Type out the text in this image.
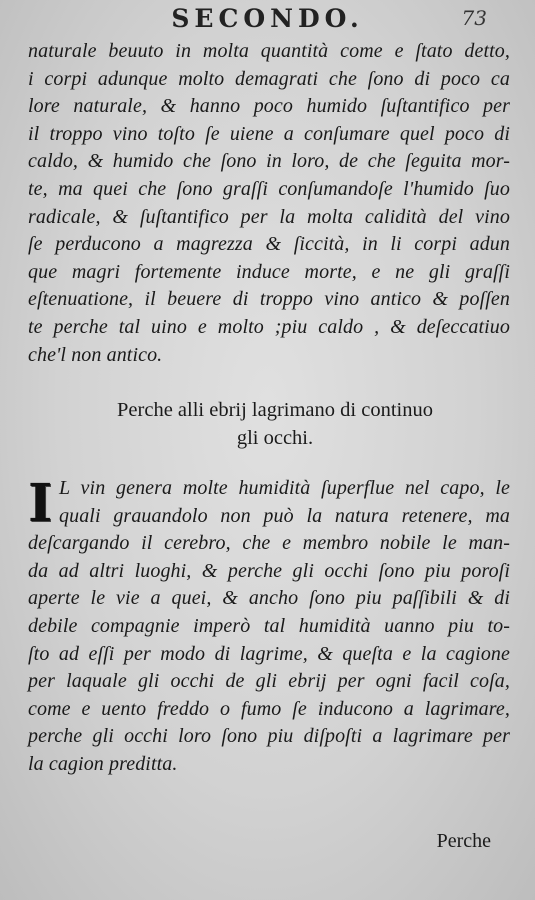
SECONDO.	73
naturale beuuto in molta quantità come e ſtato detto,
i corpi adunque molto demagrati che ſono di poco ca
lore naturale, & hanno poco humido ſuſtantifico per
il troppo vino toſto ſe uiene a conſumare quel poco di
caldo, & humido che ſono in loro, de che ſeguita mor-
te, ma quei che ſono graſſi conſumandoſe l'humido ſuo
radicale, & ſuſtantifico per la molta calidità del vino
ſe perducono a magrezza & ſiccità, in li corpi adun
que magri fortemente induce morte, e ne gli graſſi
eſtenuatione, il beuere di troppo vino antico & poſſen
te perche tal uino e molto ;piu caldo , & deſeccatiuo
che'l non antico.
Perche alli ebrij lagrimano di continuo
gli occhi.
I L vin genera molte humidità ſuperflue nel capo, le
quali grauandolo non può la natura retenere, ma
deſcargando il cerebro, che e membro nobile le man-
da ad altri luoghi, & perche gli occhi ſono piu poroſi
aperte le vie a quei, & ancho ſono piu paſſibili & di
debile compagnie imperò tal humidità uanno piu to-
ſto ad eſſi per modo di lagrime, & queſta e la cagione
per laquale gli occhi de gli ebrij per ogni facil coſa,
come e uento freddo o fumo ſe inducono a lagrimare,
perche gli occhi loro ſono piu diſpoſti a lagrimare per
la cagion preditta.
Perche
